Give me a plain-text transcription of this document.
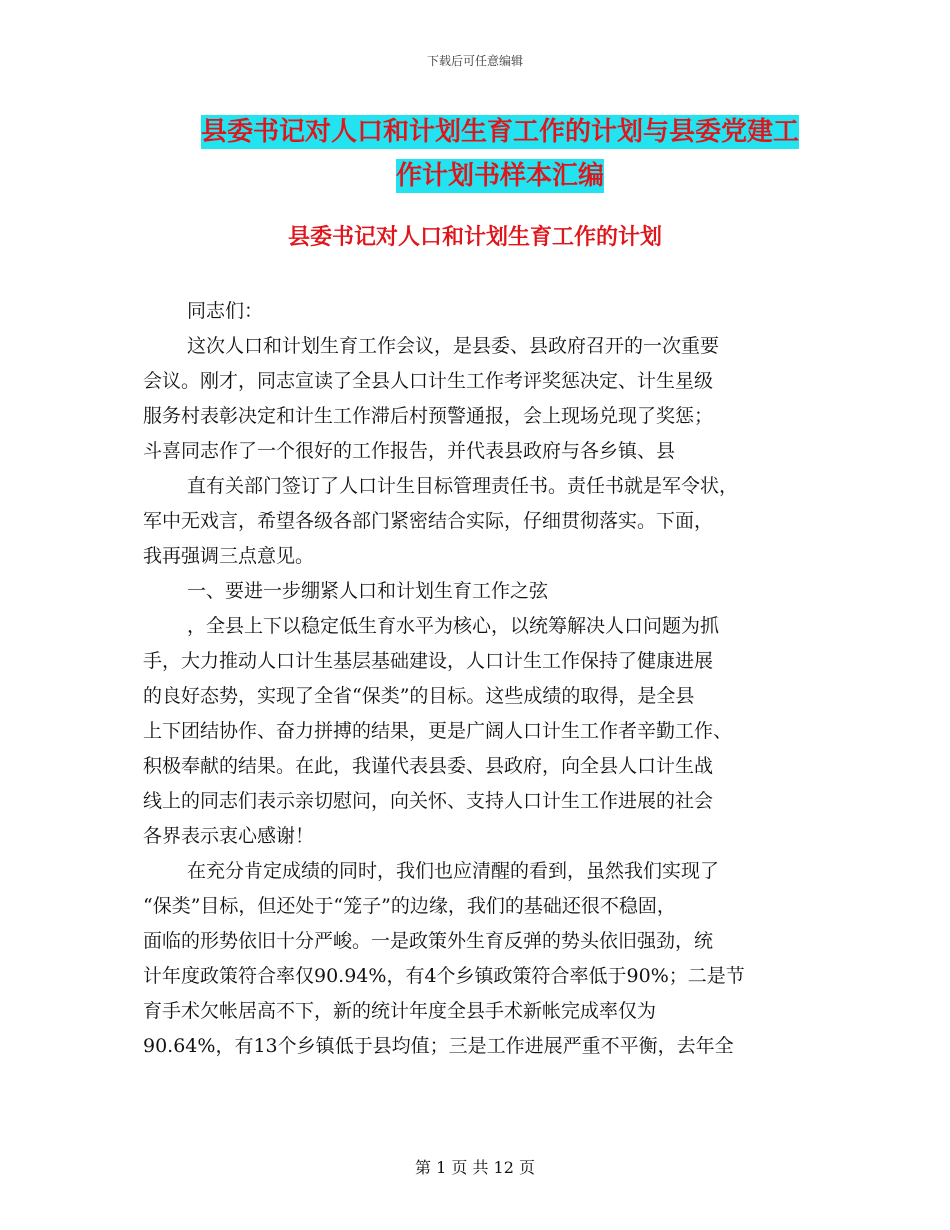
下载后可任意编辑
县委书记对人口和计划生育工作的计划与县委党建工
作计划书样本汇编
县委书记对人口和计划生育工作的计划
同志们：
这次人口和计划生育工作会议，是县委、县政府召开的一次重要
会议。刚才，同志宣读了全县人口计生工作考评奖惩决定、计生星级
服务村表彰决定和计生工作滞后村预警通报，会上现场兑现了奖惩；
斗喜同志作了一个很好的工作报告，并代表县政府与各乡镇、县
直有关部门签订了人口计生目标管理责任书。责任书就是军令状，
军中无戏言，希望各级各部门紧密结合实际，仔细贯彻落实。下面，
我再强调三点意见。
一、要进一步绷紧人口和计划生育工作之弦
，全县上下以稳定低生育水平为核心，以统筹解决人口问题为抓
手，大力推动人口计生基层基础建设，人口计生工作保持了健康进展
的良好态势，实现了全省“保类”的目标。这些成绩的取得，是全县
上下团结协作、奋力拼搏的结果，更是广阔人口计生工作者辛勤工作、
积极奉献的结果。在此，我谨代表县委、县政府，向全县人口计生战
线上的同志们表示亲切慰问，向关怀、支持人口计生工作进展的社会
各界表示衷心感谢！
在充分肯定成绩的同时，我们也应清醒的看到，虽然我们实现了
“保类”目标，但还处于“笼子”的边缘，我们的基础还很不稳固，
面临的形势依旧十分严峻。一是政策外生育反弹的势头依旧强劲，统
计年度政策符合率仅90.94%，有4个乡镇政策符合率低于90%；二是节
育手术欠帐居高不下，新的统计年度全县手术新帐完成率仅为
90.64%，有13个乡镇低于县均值；三是工作进展严重不平衡，去年全
第 1 页 共 12 页
